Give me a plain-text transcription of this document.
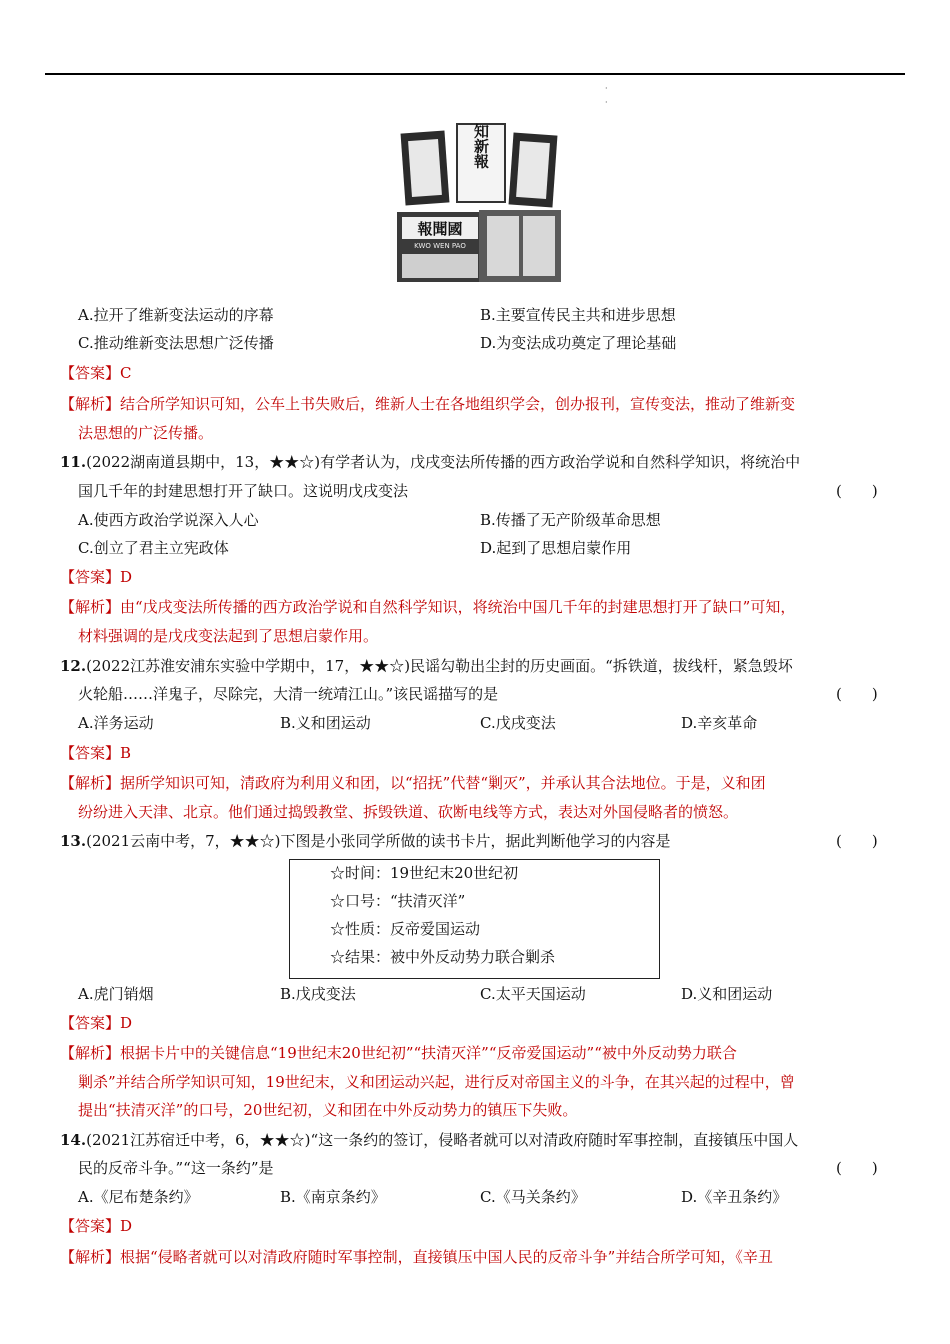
·
·
知新報
報聞國
KWO WEN PAO
A.拉开了维新变法运动的序幕	B.主要宣传民主共和进步思想
C.推动维新变法思想广泛传播	D.为变法成功奠定了理论基础
【答案】C
【解析】结合所学知识可知，公车上书失败后，维新人士在各地组织学会，创办报刊，宣传变法，推动了维新变
法思想的广泛传播。
11.(2022湖南道县期中，13，★★☆)有学者认为，戊戌变法所传播的西方政治学说和自然科学知识，将统治中
国几千年的封建思想打开了缺口。这说明戊戌变法	(　　)
A.使西方政治学说深入人心	B.传播了无产阶级革命思想
C.创立了君主立宪政体	D.起到了思想启蒙作用
【答案】D
【解析】由“戊戌变法所传播的西方政治学说和自然科学知识，将统治中国几千年的封建思想打开了缺口”可知，
材料强调的是戊戌变法起到了思想启蒙作用。
12.(2022江苏淮安浦东实验中学期中，17，★★☆)民谣勾勒出尘封的历史画面。“拆铁道，拔线杆，紧急毁坏
火轮船……洋鬼子，尽除完，大清一统靖江山。”该民谣描写的是	(　　)
A.洋务运动	B.义和团运动	C.戊戌变法	D.辛亥革命
【答案】B
【解析】据所学知识可知，清政府为利用义和团，以“招抚”代替“剿灭”，并承认其合法地位。于是，义和团
纷纷进入天津、北京。他们通过捣毁教堂、拆毁铁道、砍断电线等方式，表达对外国侵略者的愤怒。
13.(2021云南中考，7，★★☆)下图是小张同学所做的读书卡片，据此判断他学习的内容是	(　　)
☆时间：19世纪末20世纪初
☆口号：“扶清灭洋”
☆性质：反帝爱国运动
☆结果：被中外反动势力联合剿杀
A.虎门销烟	B.戊戌变法	C.太平天国运动	D.义和团运动
【答案】D
【解析】根据卡片中的关键信息“19世纪末20世纪初”“扶清灭洋”“反帝爱国运动”“被中外反动势力联合
剿杀”并结合所学知识可知，19世纪末，义和团运动兴起，进行反对帝国主义的斗争，在其兴起的过程中，曾
提出“扶清灭洋”的口号，20世纪初，义和团在中外反动势力的镇压下失败。
14.(2021江苏宿迁中考，6，★★☆)“这一条约的签订，侵略者就可以对清政府随时军事控制，直接镇压中国人
民的反帝斗争。”“这一条约”是	(　　)
A.《尼布楚条约》	B.《南京条约》	C.《马关条约》	D.《辛丑条约》
【答案】D
【解析】根据“侵略者就可以对清政府随时军事控制，直接镇压中国人民的反帝斗争”并结合所学可知，《辛丑
